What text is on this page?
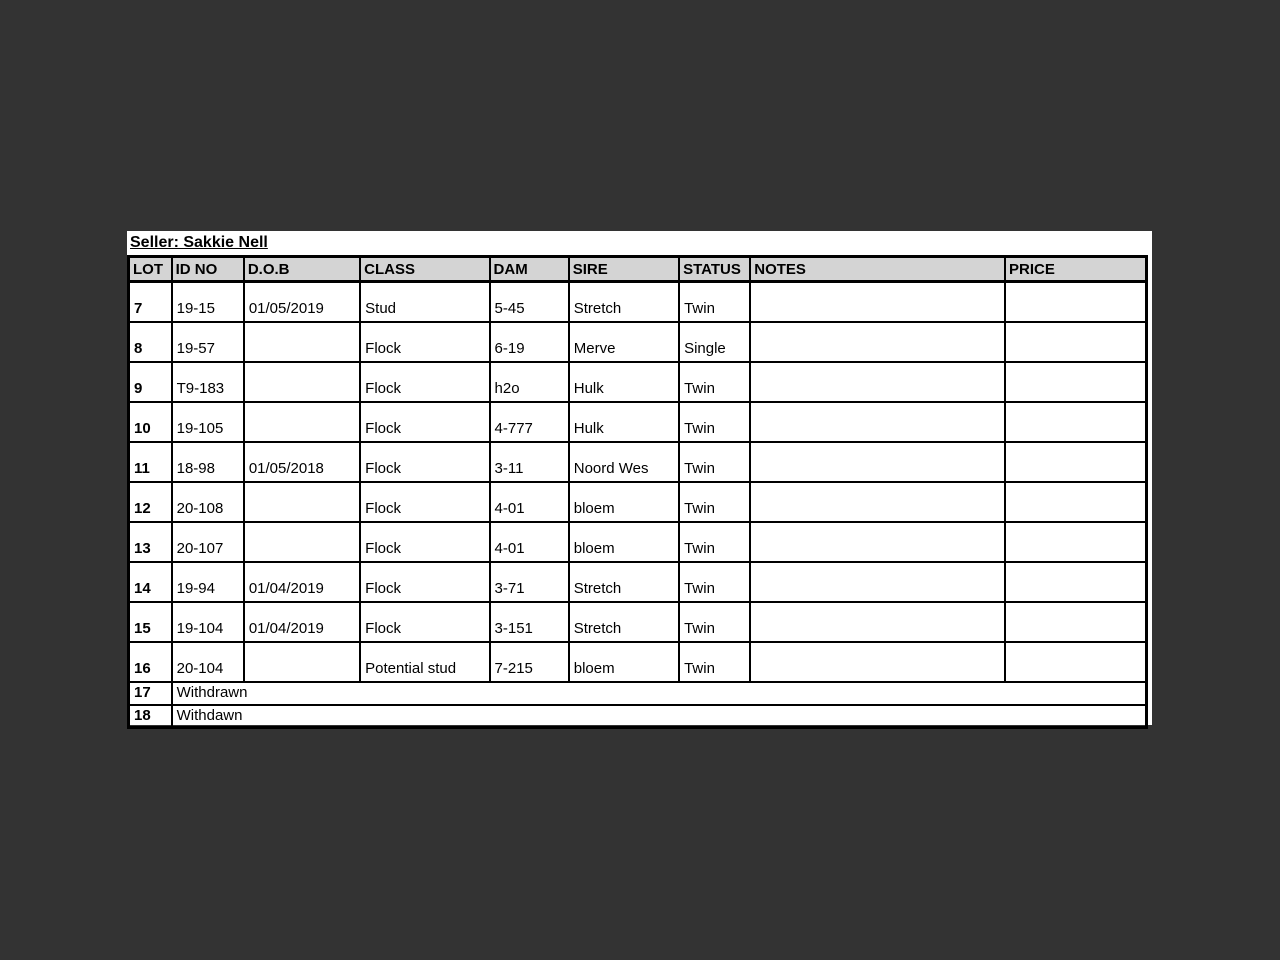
Seller: Sakkie Nell
LOT	ID NO	D.O.B	CLASS	DAM	SIRE	STATUS	NOTES	PRICE
7	19-15	01/05/2019	Stud	5-45	Stretch	Twin		
8	19-57		Flock	6-19	Merve	Single		
9	T9-183		Flock	h2o	Hulk	Twin		
10	19-105		Flock	4-777	Hulk	Twin		
11	18-98	01/05/2018	Flock	3-11	Noord Wes	Twin		
12	20-108		Flock	4-01	bloem	Twin		
13	20-107		Flock	4-01	bloem	Twin		
14	19-94	01/04/2019	Flock	3-71	Stretch	Twin		
15	19-104	01/04/2019	Flock	3-151	Stretch	Twin		
16	20-104		Potential stud	7-215	bloem	Twin		
17	Withdrawn							
18	Withdawn							
